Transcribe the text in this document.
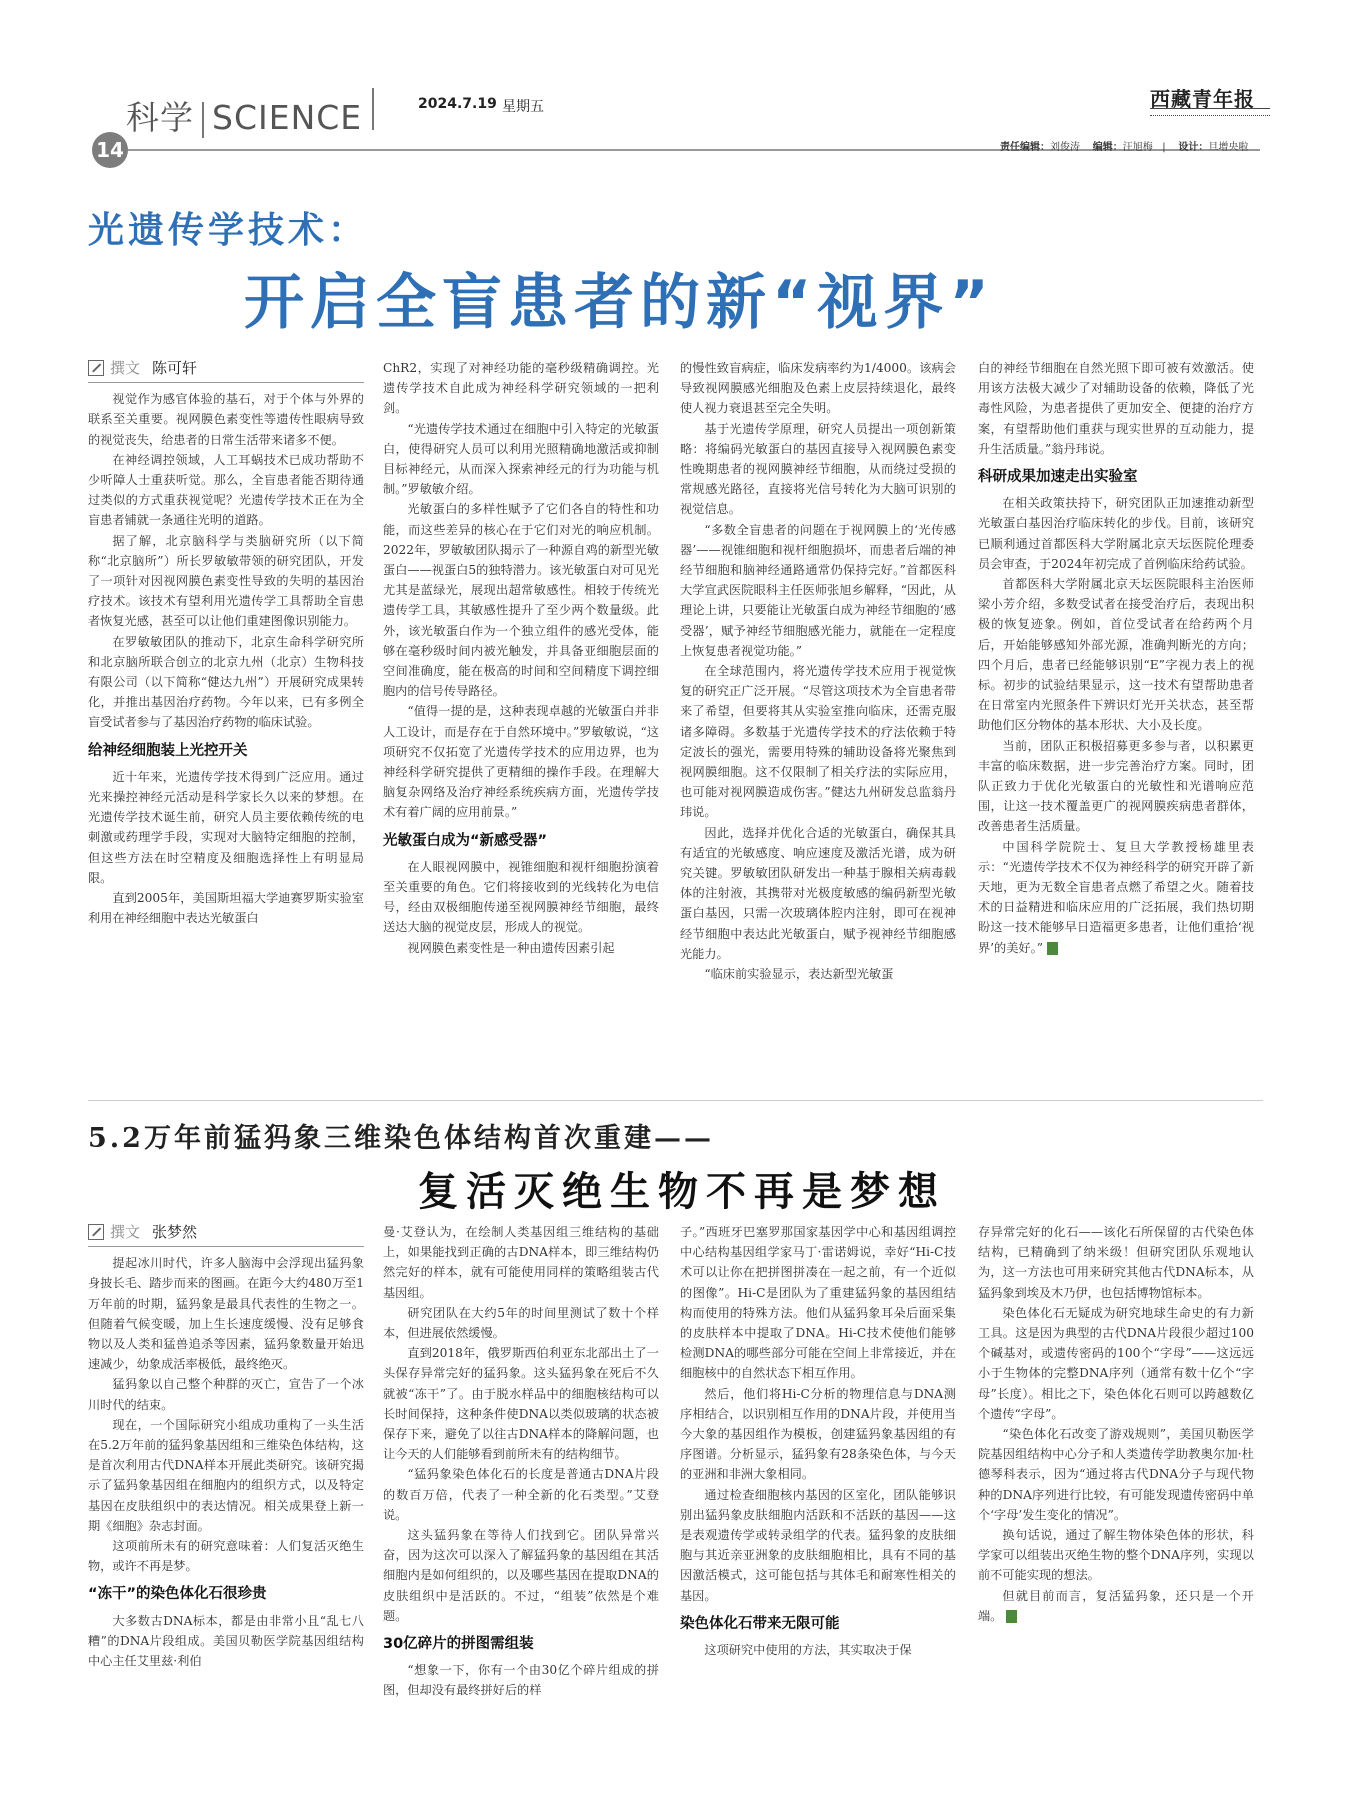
科学 SCIENCE
14
2024.7.19 星期五	西藏青年报
责任编辑：刘俊涛 编辑：汪旭梅   |    设计：旦增央啦
光遗传学技术：
开启全盲患者的新“视界”
撰文 陈可轩

视觉作为感官体验的基石，对于个体与外界的联系至关重要。视网膜色素变性等遗传性眼病导致的视觉丧失，给患者的日常生活带来诸多不便。

在神经调控领域，人工耳蜗技术已成功帮助不少听障人士重获听觉。那么，全盲患者能否期待通过类似的方式重获视觉呢？光遗传学技术正在为全盲患者铺就一条通往光明的道路。

据了解，北京脑科学与类脑研究所（以下简称“北京脑所”）所长罗敏敏带领的研究团队，开发了一项针对因视网膜色素变性导致的失明的基因治疗技术。该技术有望利用光遗传学工具帮助全盲患者恢复光感，甚至可以让他们重建图像识别能力。

在罗敏敏团队的推动下，北京生命科学研究所和北京脑所联合创立的北京九州（北京）生物科技有限公司（以下简称“健达九州”）开展研究成果转化，并推出基因治疗药物。今年以来，已有多例全盲受试者参与了基因治疗药物的临床试验。

给神经细胞装上光控开关

近十年来，光遗传学技术得到广泛应用。通过光来操控神经元活动是科学家长久以来的梦想。在光遗传学技术诞生前，研究人员主要依赖传统的电刺激或药理学手段，实现对大脑特定细胞的控制，但这些方法在时空精度及细胞选择性上有明显局限。

直到2005年，美国斯坦福大学迪赛罗斯实验室利用在神经细胞中表达光敏蛋白

ChR2，实现了对神经功能的毫秒级精确调控。光遗传学技术自此成为神经科学研究领域的一把利剑。

“光遗传学技术通过在细胞中引入特定的光敏蛋白，使得研究人员可以利用光照精确地激活或抑制目标神经元，从而深入探索神经元的行为功能与机制。”罗敏敏介绍。

光敏蛋白的多样性赋予了它们各自的特性和功能，而这些差异的核心在于它们对光的响应机制。2022年，罗敏敏团队揭示了一种源自鸡的新型光敏蛋白——视蛋白5的独特潜力。该光敏蛋白对可见光尤其是蓝绿光，展现出超常敏感性。相较于传统光遗传学工具，其敏感性提升了至少两个数量级。此外，该光敏蛋白作为一个独立组件的感光受体，能够在毫秒级时间内被光触发，并具备亚细胞层面的空间准确度，能在极高的时间和空间精度下调控细胞内的信号传导路径。

“值得一提的是，这种表现卓越的光敏蛋白并非人工设计，而是存在于自然环境中。”罗敏敏说，“这项研究不仅拓宽了光遗传学技术的应用边界，也为神经科学研究提供了更精细的操作手段。在理解大脑复杂网络及治疗神经系统疾病方面，光遗传学技术有着广阔的应用前景。”

光敏蛋白成为“新感受器”

在人眼视网膜中，视锥细胞和视杆细胞扮演着至关重要的角色。它们将接收到的光线转化为电信号，经由双极细胞传递至视网膜神经节细胞，最终送达大脑的视觉皮层，形成人的视觉。

视网膜色素变性是一种由遗传因素引起

的慢性致盲病症，临床发病率约为1/4000。该病会导致视网膜感光细胞及色素上皮层持续退化，最终使人视力衰退甚至完全失明。

基于光遗传学原理，研究人员提出一项创新策略：将编码光敏蛋白的基因直接导入视网膜色素变性晚期患者的视网膜神经节细胞，从而绕过受损的常规感光路径，直接将光信号转化为大脑可识别的视觉信息。

“多数全盲患者的问题在于视网膜上的‘光传感器’——视锥细胞和视杆细胞损坏，而患者后端的神经节细胞和脑神经通路通常仍保持完好。”首都医科大学宣武医院眼科主任医师张旭乡解释，“因此，从理论上讲，只要能让光敏蛋白成为神经节细胞的‘感受器’，赋予神经节细胞感光能力，就能在一定程度上恢复患者视觉功能。”

在全球范围内，将光遗传学技术应用于视觉恢复的研究正广泛开展。“尽管这项技术为全盲患者带来了希望，但要将其从实验室推向临床，还需克服诸多障碍。多数基于光遗传学技术的疗法依赖于特定波长的强光，需要用特殊的辅助设备将光聚焦到视网膜细胞。这不仅限制了相关疗法的实际应用，也可能对视网膜造成伤害。”健达九州研发总监翁丹玮说。

因此，选择并优化合适的光敏蛋白，确保其具有适宜的光敏感度、响应速度及激活光谱，成为研究关键。罗敏敏团队研发出一种基于腺相关病毒载体的注射液，其携带对光极度敏感的编码新型光敏蛋白基因，只需一次玻璃体腔内注射，即可在视神经节细胞中表达此光敏蛋白，赋予视神经节细胞感光能力。

“临床前实验显示，表达新型光敏蛋

白的神经节细胞在自然光照下即可被有效激活。使用该方法极大减少了对辅助设备的依赖，降低了光毒性风险，为患者提供了更加安全、便捷的治疗方案，有望帮助他们重获与现实世界的互动能力，提升生活质量。”翁丹玮说。

科研成果加速走出实验室

在相关政策扶持下，研究团队正加速推动新型光敏蛋白基因治疗临床转化的步伐。目前，该研究已顺利通过首都医科大学附属北京天坛医院伦理委员会审查，于2024年初完成了首例临床给药试验。

首都医科大学附属北京天坛医院眼科主治医师梁小芳介绍，多数受试者在接受治疗后，表现出积极的恢复迹象。例如，首位受试者在给药两个月后，开始能够感知外部光源，准确判断光的方向；四个月后，患者已经能够识别“E”字视力表上的视标。初步的试验结果显示，这一技术有望帮助患者在日常室内光照条件下辨识灯光开关状态，甚至帮助他们区分物体的基本形状、大小及长度。

当前，团队正积极招募更多参与者，以积累更丰富的临床数据，进一步完善治疗方案。同时，团队正致力于优化光敏蛋白的光敏性和光谱响应范围，让这一技术覆盖更广的视网膜疾病患者群体，改善患者生活质量。

中国科学院院士、复旦大学教授杨雄里表示：“光遗传学技术不仅为神经科学的研究开辟了新天地，更为无数全盲患者点燃了希望之火。随着技术的日益精进和临床应用的广泛拓展，我们热切期盼这一技术能够早日造福更多患者，让他们重拾‘视界’的美好。”

5.2万年前猛犸象三维染色体结构首次重建——
复活灭绝生物不再是梦想
撰文 张梦然

提起冰川时代，许多人脑海中会浮现出猛犸象身披长毛、踏步而来的图画。在距今大约480万至1万年前的时期，猛犸象是最具代表性的生物之一。但随着气候变暖，加上生长速度缓慢、没有足够食物以及人类和猛兽追杀等因素，猛犸象数量开始迅速减少，幼象成活率极低，最终绝灭。

猛犸象以自己整个种群的灭亡，宣告了一个冰川时代的结束。

现在，一个国际研究小组成功重构了一头生活在5.2万年前的猛犸象基因组和三维染色体结构，这是首次利用古代DNA样本开展此类研究。该研究揭示了猛犸象基因组在细胞内的组织方式，以及特定基因在皮肤组织中的表达情况。相关成果登上新一期《细胞》杂志封面。

这项前所未有的研究意味着：人们复活灭绝生物，或许不再是梦。

“冻干”的染色体化石很珍贵

大多数古DNA标本，都是由非常小且“乱七八糟”的DNA片段组成。美国贝勒医学院基因组结构中心主任艾里兹·利伯

曼·艾登认为，在绘制人类基因组三维结构的基础上，如果能找到正确的古DNA样本，即三维结构仍然完好的样本，就有可能使用同样的策略组装古代基因组。

研究团队在大约5年的时间里测试了数十个样本，但进展依然缓慢。

直到2018年，俄罗斯西伯利亚东北部出土了一头保存异常完好的猛犸象。这头猛犸象在死后不久就被“冻干”了。由于脱水样品中的细胞核结构可以长时间保持，这种条件使DNA以类似玻璃的状态被保存下来，避免了以往古DNA样本的降解问题，也让今天的人们能够看到前所未有的结构细节。

“猛犸象染色体化石的长度是普通古DNA片段的数百万倍，代表了一种全新的化石类型。”艾登说。

这头猛犸象在等待人们找到它。团队异常兴奋，因为这次可以深入了解猛犸象的基因组在其活细胞内是如何组织的，以及哪些基因在提取DNA的皮肤组织中是活跃的。不过，“组装”依然是个难题。

30亿碎片的拼图需组装

“想象一下，你有一个由30亿个碎片组成的拼图，但却没有最终拼好后的样

子。”西班牙巴塞罗那国家基因学中心和基因组调控中心结构基因组学家马丁·雷诺姆说，幸好“Hi-C技术可以让你在把拼图拼凑在一起之前，有一个近似的图像”。Hi-C是团队为了重建猛犸象的基因组结构而使用的特殊方法。他们从猛犸象耳朵后面采集的皮肤样本中提取了DNA。Hi-C技术使他们能够检测DNA的哪些部分可能在空间上非常接近，并在细胞核中的自然状态下相互作用。

然后，他们将Hi-C分析的物理信息与DNA测序相结合，以识别相互作用的DNA片段，并使用当今大象的基因组作为模板，创建猛犸象基因组的有序图谱。分析显示，猛犸象有28条染色体，与今天的亚洲和非洲大象相同。

通过检查细胞核内基因的区室化，团队能够识别出猛犸象皮肤细胞内活跃和不活跃的基因——这是表观遗传学或转录组学的代表。猛犸象的皮肤细胞与其近亲亚洲象的皮肤细胞相比，具有不同的基因激活模式，这可能包括与其体毛和耐寒性相关的基因。

染色体化石带来无限可能

这项研究中使用的方法，其实取决于保

存异常完好的化石——该化石所保留的古代染色体结构，已精确到了纳米级！但研究团队乐观地认为，这一方法也可用来研究其他古代DNA标本，从猛犸象到埃及木乃伊，也包括博物馆标本。

染色体化石无疑成为研究地球生命史的有力新工具。这是因为典型的古代DNA片段很少超过100个碱基对，或遗传密码的100个“字母”——这远远小于生物体的完整DNA序列（通常有数十亿个“字母”长度）。相比之下，染色体化石则可以跨越数亿个遗传“字母”。

“染色体化石改变了游戏规则”，美国贝勒医学院基因组结构中心分子和人类遗传学助教奥尔加·杜德琴科表示，因为“通过将古代DNA分子与现代物种的DNA序列进行比较，有可能发现遗传密码中单个‘字母’发生变化的情况”。

换句话说，通过了解生物体染色体的形状，科学家可以组装出灭绝生物的整个DNA序列，实现以前不可能实现的想法。

但就目前而言，复活猛犸象，还只是一个开端。
